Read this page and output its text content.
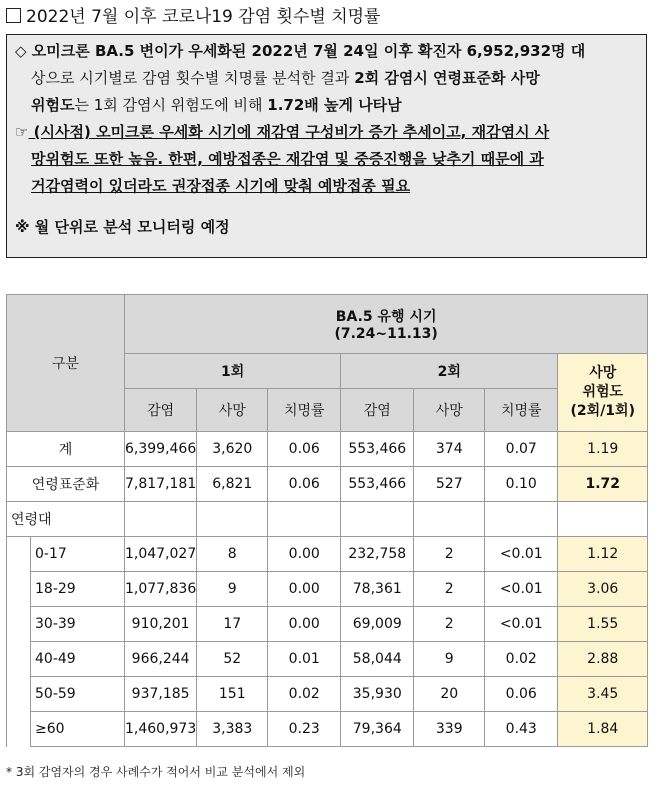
2022년 7월 이후 코로나19 감염 횟수별 치명률

◇ 오미크론 BA.5 변이가 우세화된 2022년 7월 24일 이후 확진자 6,952,932명 대

상으로 시기별로 감염 횟수별 치명률 분석한 결과 2회 감염시 연령표준화 사망

위험도는 1회 감염시 위험도에 비해 1.72배 높게 나타남

☞ (시사점) 오미크론 우세화 시기에 재감염 구성비가 증가 추세이고, 재감염시 사

망위험도 또한 높음. 한편, 예방접종은 재감염 및 중증진행을 낮추기 때문에 과

거감염력이 있더라도 권장접종 시기에 맞춰 예방접종 필요

※ 월 단위로 분석 모니터링 예정

구분		BA.5 유행 시기
(7.24~11.13)						
		1회			2회			사망
위험도
(2회/1회)
		감염	사망	치명률	감염	사망	치명률	
계		6,399,466	3,620	0.06	553,466	374	0.07	1.19
연령표준화		7,817,181	6,821	0.06	553,466	527	0.10	1.72
연령대								
	0-17	1,047,027	8	0.00	232,758	2	<0.01	1.12
	18-29	1,077,836	9	0.00	78,361	2	<0.01	3.06
	30-39	910,201	17	0.00	69,009	2	<0.01	1.55
	40-49	966,244	52	0.01	58,044	9	0.02	2.88
	50-59	937,185	151	0.02	35,930	20	0.06	3.45
	≥60	1,460,973	3,383	0.23	79,364	339	0.43	1.84
* 3회 감염자의 경우 사례수가 적어서 비교 분석에서 제외
